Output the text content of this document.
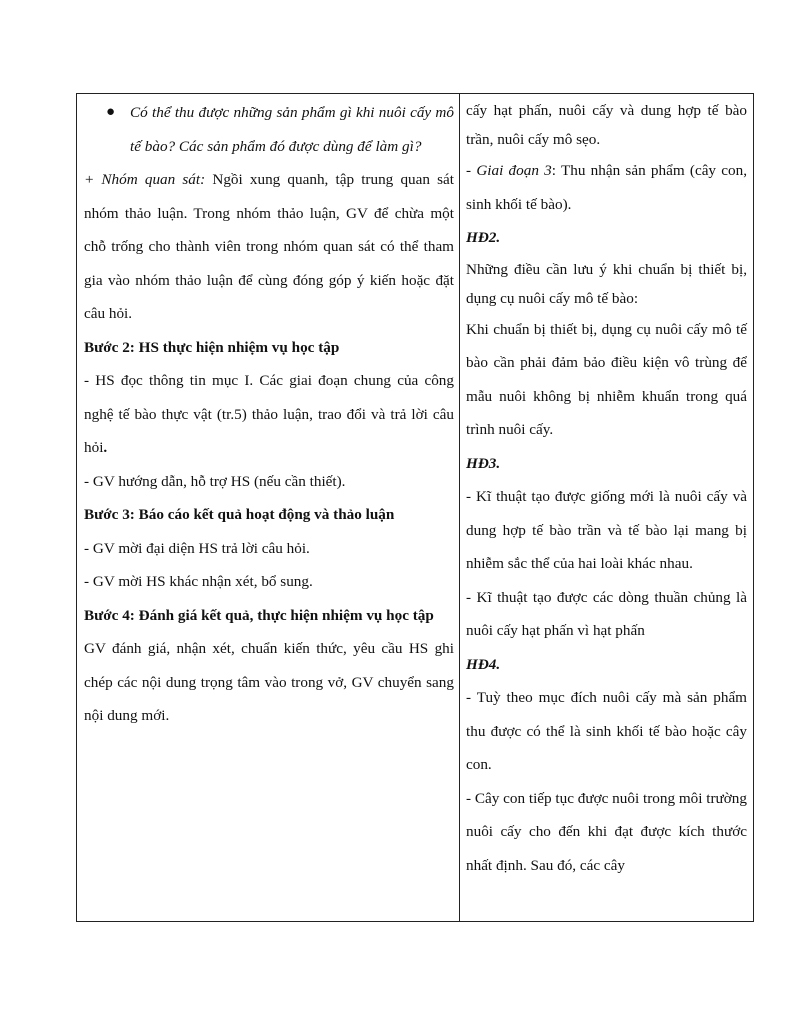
● Có thể thu được những sản phẩm gì khi nuôi cấy mô tế bào? Các sản phẩm đó được dùng để làm gì?

+ Nhóm quan sát: Ngồi xung quanh, tập trung quan sát nhóm thảo luận. Trong nhóm thảo luận, GV để chừa một chỗ trống cho thành viên trong nhóm quan sát có thể tham gia vào nhóm thảo luận để cùng đóng góp ý kiến hoặc đặt câu hỏi.

Bước 2: HS thực hiện nhiệm vụ học tập

- HS đọc thông tin mục I. Các giai đoạn chung của công nghệ tế bào thực vật (tr.5) thảo luận, trao đổi và trả lời câu hỏi.

- GV hướng dẫn, hỗ trợ HS (nếu cần thiết).

Bước 3: Báo cáo kết quả hoạt động và thảo luận

- GV mời đại diện HS trả lời câu hỏi.

- GV mời HS khác nhận xét, bổ sung.

Bước 4: Đánh giá kết quả, thực hiện nhiệm vụ học tập

GV đánh giá, nhận xét, chuẩn kiến thức, yêu cầu HS ghi chép các nội dung trọng tâm vào trong vở, GV chuyển sang nội dung mới.

cấy hạt phấn, nuôi cấy và dung hợp tế bào trần, nuôi cấy mô sẹo.

- Giai đoạn 3: Thu nhận sản phẩm (cây con, sinh khối tế bào).

HĐ2.

Những điều cần lưu ý khi chuẩn bị thiết bị, dụng cụ nuôi cấy mô tế bào:

Khi chuẩn bị thiết bị, dụng cụ nuôi cấy mô tế bào cần phải đảm bảo điều kiện vô trùng để mẫu nuôi không bị nhiễm khuẩn trong quá trình nuôi cấy.

HĐ3.

- Kĩ thuật tạo được giống mới là nuôi cấy và dung hợp tế bào trần và tế bào lại mang bị nhiễm sắc thể của hai loài khác nhau.

- Kĩ thuật tạo được các dòng thuần chủng là nuôi cấy hạt phấn vì hạt phấn

HĐ4.

- Tuỳ theo mục đích nuôi cấy mà sản phẩm thu được có thể là sinh khối tế bào hoặc cây con.

- Cây con tiếp tục được nuôi trong môi trường nuôi cấy cho đến khi đạt được kích thước nhất định. Sau đó, các cây
